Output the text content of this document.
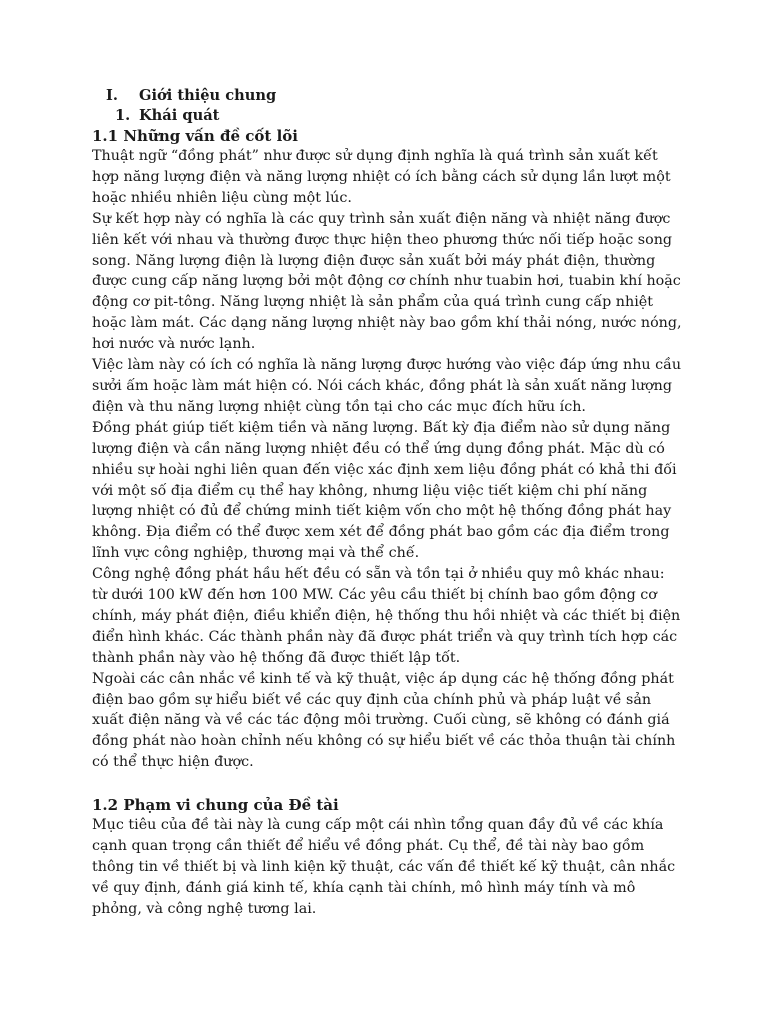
I. Giới thiệu chung
1. Khái quát
1.1 Những vấn đề cốt lõi

Thuật ngữ “đồng phát” như được sử dụng định nghĩa là quá trình sản xuất kết hợp năng lượng điện và năng lượng nhiệt có ích bằng cách sử dụng lần lượt một hoặc nhiều nhiên liệu cùng một lúc.

Sự kết hợp này có nghĩa là các quy trình sản xuất điện năng và nhiệt năng được liên kết với nhau và thường được thực hiện theo phương thức nối tiếp hoặc song song. Năng lượng điện là lượng điện được sản xuất bởi máy phát điện, thường được cung cấp năng lượng bởi một động cơ chính như tuabin hơi, tuabin khí hoặc động cơ pit-tông. Năng lượng nhiệt là sản phẩm của quá trình cung cấp nhiệt hoặc làm mát. Các dạng năng lượng nhiệt này bao gồm khí thải nóng, nước nóng, hơi nước và nước lạnh.

Việc làm này có ích có nghĩa là năng lượng được hướng vào việc đáp ứng nhu cầu sưởi ấm hoặc làm mát hiện có. Nói cách khác, đồng phát là sản xuất năng lượng điện và thu năng lượng nhiệt cùng tồn tại cho các mục đích hữu ích.

Đồng phát giúp tiết kiệm tiền và năng lượng. Bất kỳ địa điểm nào sử dụng năng lượng điện và cần năng lượng nhiệt đều có thể ứng dụng đồng phát. Mặc dù có nhiều sự hoài nghi liên quan đến việc xác định xem liệu đồng phát có khả thi đối với một số địa điểm cụ thể hay không, nhưng liệu việc tiết kiệm chi phí năng lượng nhiệt có đủ để chứng minh tiết kiệm vốn cho một hệ thống đồng phát hay không. Địa điểm có thể được xem xét để đồng phát bao gồm các địa điểm trong lĩnh vực công nghiệp, thương mại và thể chế.

Công nghệ đồng phát hầu hết đều có sẵn và tồn tại ở nhiều quy mô khác nhau: từ dưới 100 kW đến hơn 100 MW. Các yêu cầu thiết bị chính bao gồm động cơ chính, máy phát điện, điều khiển điện, hệ thống thu hồi nhiệt và các thiết bị điện điển hình khác. Các thành phần này đã được phát triển và quy trình tích hợp các thành phần này vào hệ thống đã được thiết lập tốt.

Ngoài các cân nhắc về kinh tế và kỹ thuật, việc áp dụng các hệ thống đồng phát điện bao gồm sự hiểu biết về các quy định của chính phủ và pháp luật về sản xuất điện năng và về các tác động môi trường. Cuối cùng, sẽ không có đánh giá đồng phát nào hoàn chỉnh nếu không có sự hiểu biết về các thỏa thuận tài chính có thể thực hiện được.

1.2 Phạm vi chung của Đề tài

Mục tiêu của đề tài này là cung cấp một cái nhìn tổng quan đầy đủ về các khía cạnh quan trọng cần thiết để hiểu về đồng phát. Cụ thể, đề tài này bao gồm thông tin về thiết bị và linh kiện kỹ thuật, các vấn đề thiết kế kỹ thuật, cân nhắc về quy định, đánh giá kinh tế, khía cạnh tài chính, mô hình máy tính và mô phỏng, và công nghệ tương lai.
